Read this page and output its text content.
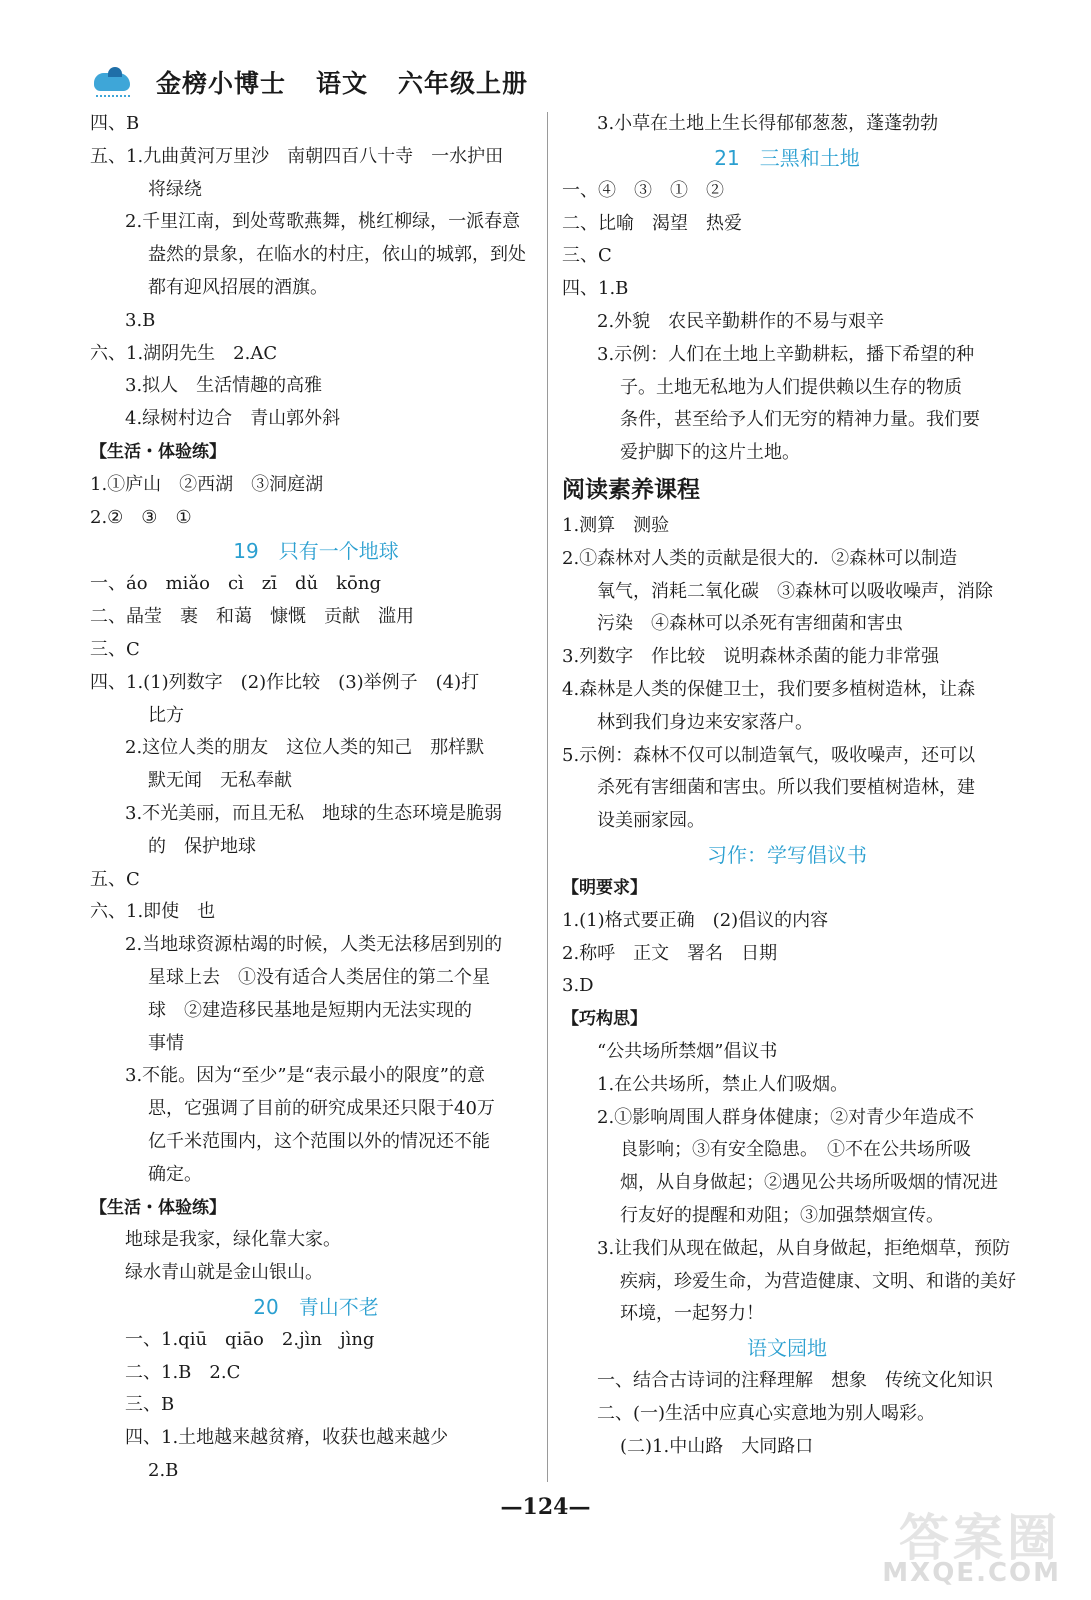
金榜小博士 语文 六年级上册
四、B
五、1.九曲黄河万里沙　南朝四百八十寺　一水护田
将绿绕
2.千里江南，到处莺歌燕舞，桃红柳绿，一派春意
盎然的景象，在临水的村庄，依山的城郭，到处
都有迎风招展的酒旗。
3.B
六、1.湖阴先生　2.AC
3.拟人　生活情趣的高雅
4.绿树村边合　青山郭外斜
【生活・体验练】
1.①庐山　②西湖　③洞庭湖
2.②　③　①
19　只有一个地球
一、áo　miǎo　cì　zī　dǔ　kōng
二、晶莹　裹　和蔼　慷慨　贡献　滥用
三、C
四、1.(1)列数字　(2)作比较　(3)举例子　(4)打
比方
2.这位人类的朋友　这位人类的知己　那样默
默无闻　无私奉献
3.不光美丽，而且无私　地球的生态环境是脆弱
的　保护地球
五、C
六、1.即使　也
2.当地球资源枯竭的时候，人类无法移居到别的
星球上去　①没有适合人类居住的第二个星
球　②建造移民基地是短期内无法实现的
事情
3.不能。因为“至少”是“表示最小的限度”的意
思，它强调了目前的研究成果还只限于40万
亿千米范围内，这个范围以外的情况还不能
确定。
【生活・体验练】
地球是我家，绿化靠大家。
绿水青山就是金山银山。
20　青山不老
一、1.qiū　qiāo　2.jìn　jìng
二、1.B　2.C
三、B
四、1.土地越来越贫瘠，收获也越来越少
2.B
3.小草在土地上生长得郁郁葱葱，蓬蓬勃勃
21　三黑和土地
一、④　③　①　②
二、比喻　渴望　热爱
三、C
四、1.B
2.外貌　农民辛勤耕作的不易与艰辛
3.示例：人们在土地上辛勤耕耘，播下希望的种
子。土地无私地为人们提供赖以生存的物质
条件，甚至给予人们无穷的精神力量。我们要
爱护脚下的这片土地。
阅读素养课程
1.测算　测验
2.①森林对人类的贡献是很大的．②森林可以制造
氧气，消耗二氧化碳　③森林可以吸收噪声，消除
污染　④森林可以杀死有害细菌和害虫
3.列数字　作比较　说明森林杀菌的能力非常强
4.森林是人类的保健卫士，我们要多植树造林，让森
林到我们身边来安家落户。
5.示例：森林不仅可以制造氧气，吸收噪声，还可以
杀死有害细菌和害虫。所以我们要植树造林，建
设美丽家园。
习作：学写倡议书
【明要求】
1.(1)格式要正确　(2)倡议的内容
2.称呼　正文　署名　日期
3.D
【巧构思】
“公共场所禁烟”倡议书
1.在公共场所，禁止人们吸烟。
2.①影响周围人群身体健康；②对青少年造成不
良影响；③有安全隐患。　①不在公共场所吸
烟，从自身做起；②遇见公共场所吸烟的情况进
行友好的提醒和劝阻；③加强禁烟宣传。
3.让我们从现在做起，从自身做起，拒绝烟草，预防
疾病，珍爱生命，为营造健康、文明、和谐的美好
环境，一起努力！
语文园地
一、结合古诗词的注释理解　想象　传统文化知识
二、(一)生活中应真心实意地为别人喝彩。
(二)1.中山路　大同路口
—124—
答案圈
MXQE.COM
